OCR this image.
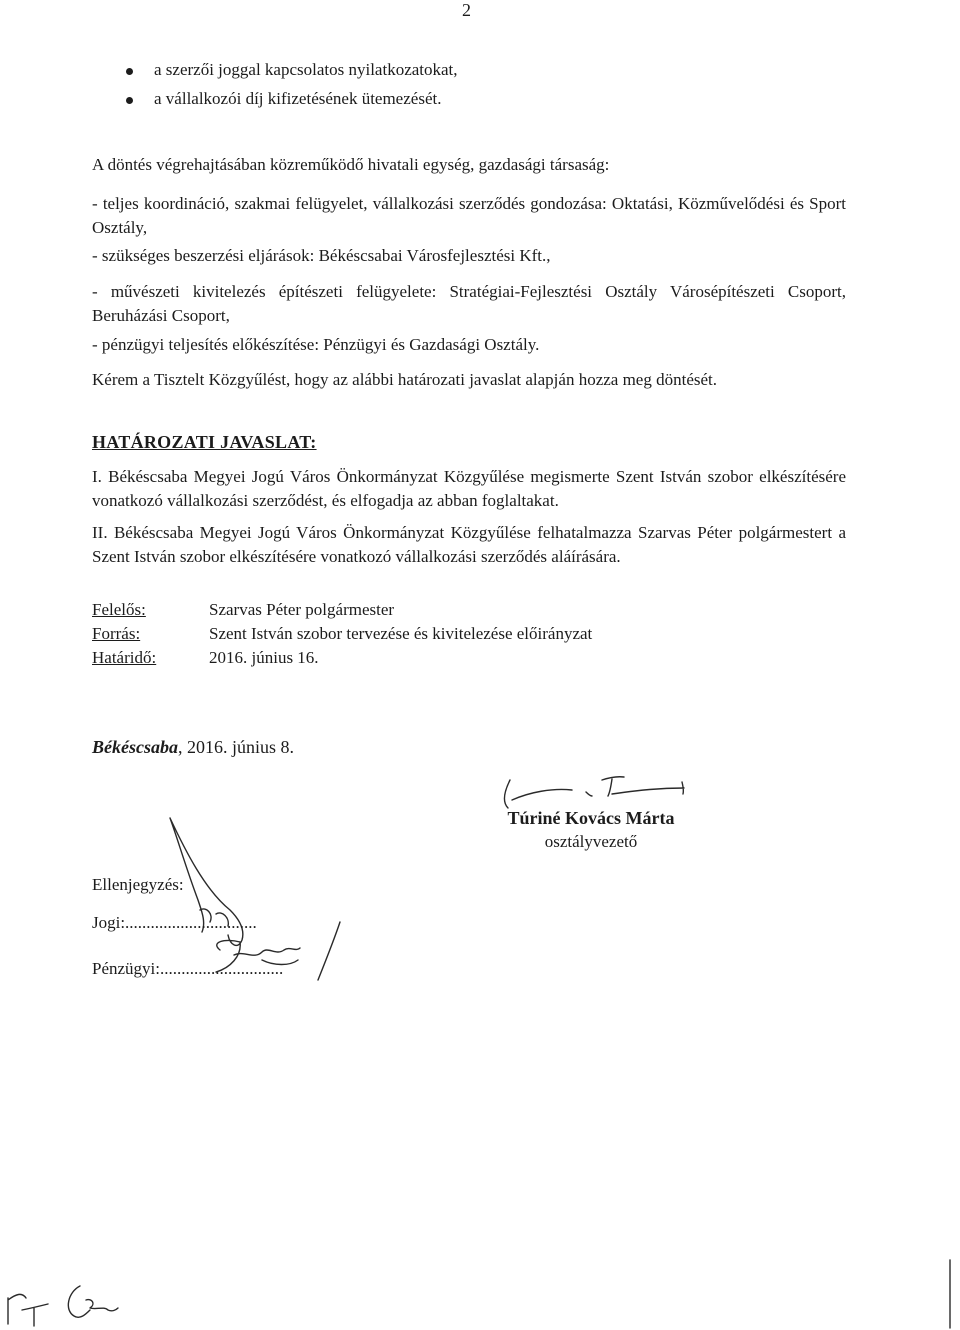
2
a szerzői joggal kapcsolatos nyilatkozatokat,
a vállalkozói díj kifizetésének ütemezését.
A döntés végrehajtásában közreműködő hivatali egység, gazdasági társaság:
- teljes koordináció, szakmai felügyelet, vállalkozási szerződés gondozása: Oktatási, Közművelődési és Sport Osztály,
- szükséges beszerzési eljárások: Békéscsabai Városfejlesztési Kft.,
- művészeti kivitelezés építészeti felügyelete: Stratégiai-Fejlesztési Osztály Városépítészeti Csoport, Beruházási Csoport,
- pénzügyi teljesítés előkészítése: Pénzügyi és Gazdasági Osztály.
Kérem a Tisztelt Közgyűlést, hogy az alábbi határozati javaslat alapján hozza meg döntését.
HATÁROZATI JAVASLAT:
I. Békéscsaba Megyei Jogú Város Önkormányzat Közgyűlése megismerte Szent István szobor elkészítésére vonatkozó vállalkozási szerződést, és elfogadja az abban foglaltakat.
II. Békéscsaba Megyei Jogú Város Önkormányzat Közgyűlése felhatalmazza Szarvas Péter polgármestert a Szent István szobor elkészítésére vonatkozó vállalkozási szerződés aláírására.
Felelős:	Szarvas Péter polgármester
Forrás:	Szent István szobor tervezése és kivitelezése előirányzat
Határidő:	2016. június 16.
Békéscsaba, 2016. június 8.
Túriné Kovács Márta
osztályvezető
Ellenjegyzés:
Jogi:...............................
Pénzügyi:.............................
